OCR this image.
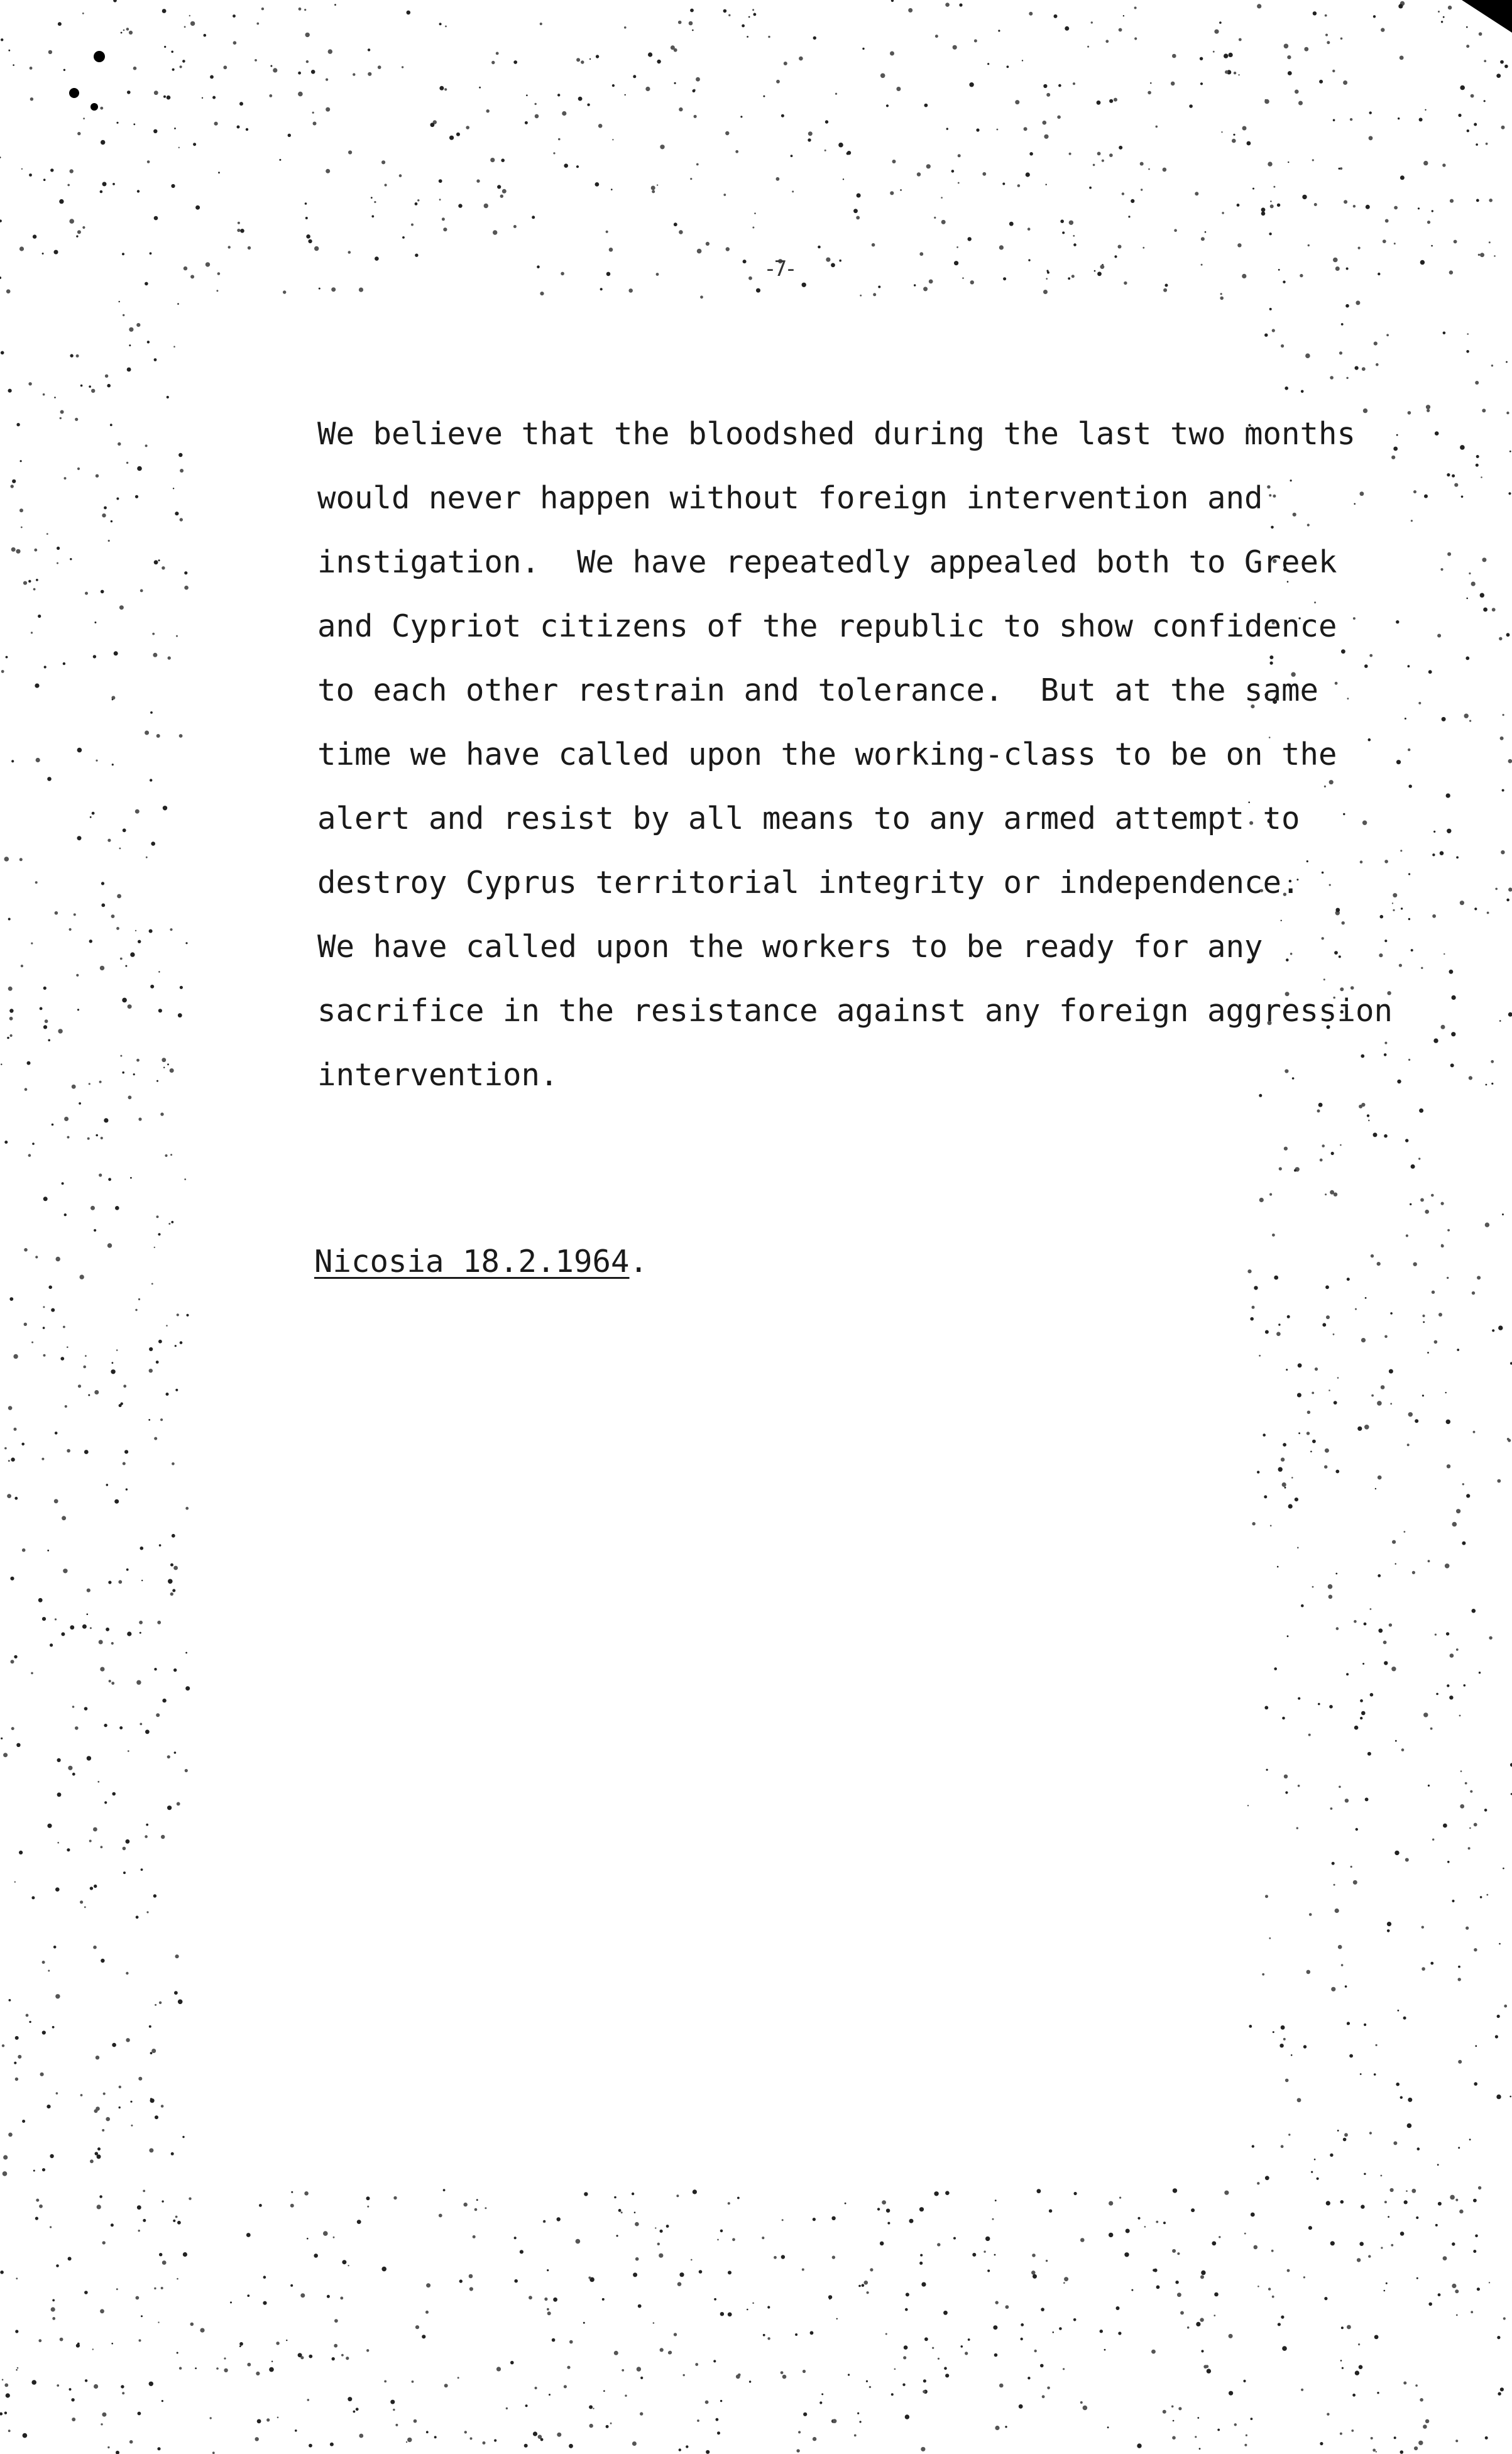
-7-
We believe that the bloodshed during the last two months
would never happen without foreign intervention and
instigation.  We have repeatedly appealed both to Greek
and Cypriot citizens of the republic to show confidence
to each other restrain and tolerance.  But at the same
time we have called upon the working-class to be on the
alert and resist by all means to any armed attempt to
destroy Cyprus territorial integrity or independence.
We have called upon the workers to be ready for any
sacrifice in the resistance against any foreign aggression
intervention.
Nicosia 18.2.1964.
